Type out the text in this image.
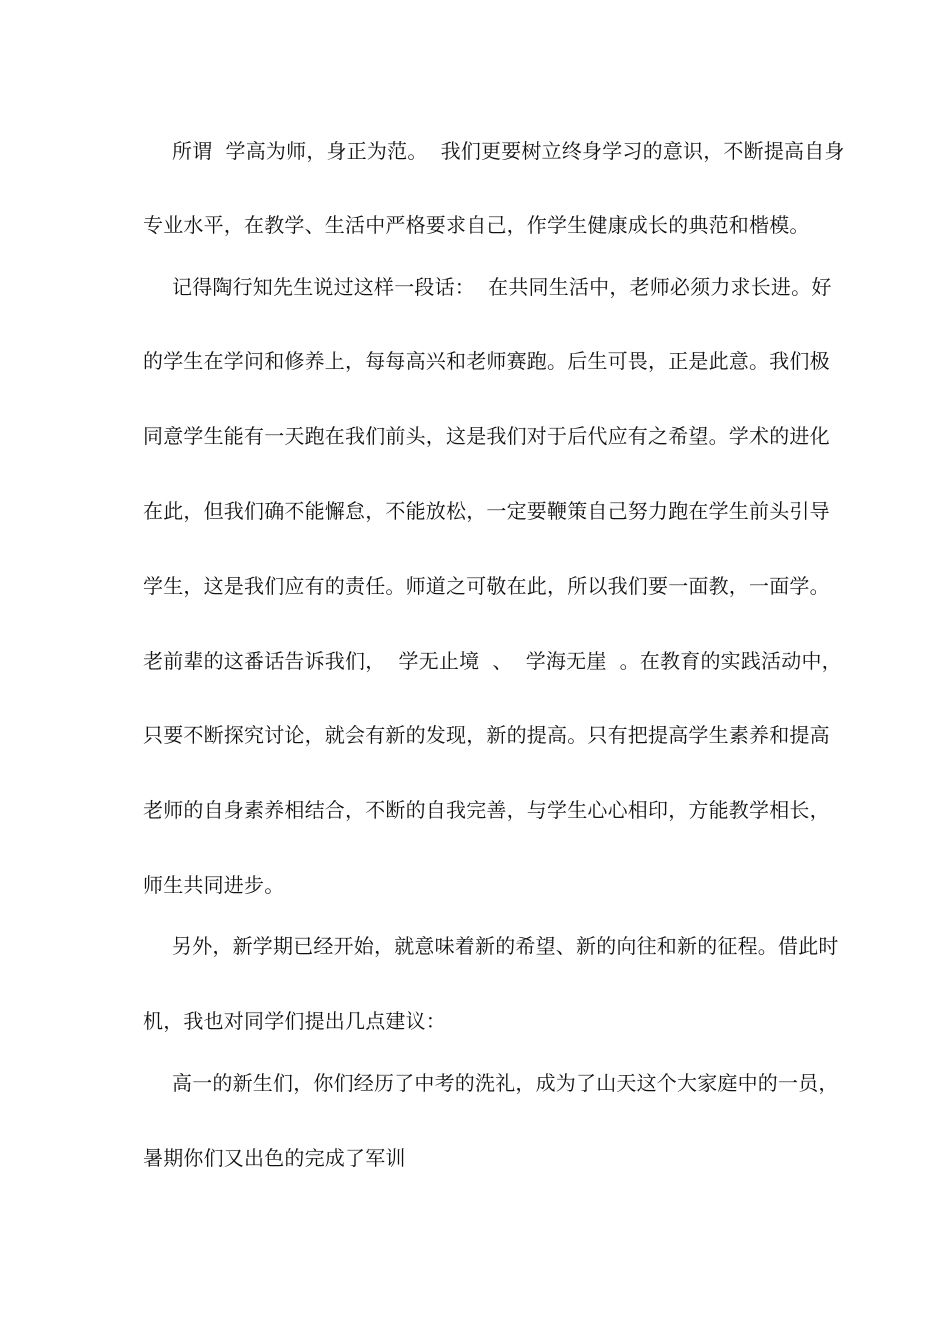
所谓  学高为师，身正为范。  我们更要树立终身学习的意识，不断提高自身
专业水平，在教学、生活中严格要求自己，作学生健康成长的典范和楷模。
记得陶行知先生说过这样一段话：  在共同生活中，老师必须力求长进。好
的学生在学问和修养上，每每高兴和老师赛跑。后生可畏，正是此意。我们极
同意学生能有一天跑在我们前头，这是我们对于后代应有之希望。学术的进化
在此，但我们确不能懈怠，不能放松，一定要鞭策自己努力跑在学生前头引导
学生，这是我们应有的责任。师道之可敬在此，所以我们要一面教，一面学。
老前辈的这番话告诉我们，  学无止境  、  学海无崖  。在教育的实践活动中，
只要不断探究讨论，就会有新的发现，新的提高。只有把提高学生素养和提高
老师的自身素养相结合，不断的自我完善，与学生心心相印，方能教学相长，
师生共同进步。
另外，新学期已经开始，就意味着新的希望、新的向往和新的征程。借此时
机，我也对同学们提出几点建议：
高一的新生们，你们经历了中考的洗礼，成为了山天这个大家庭中的一员，
暑期你们又出色的完成了军训
